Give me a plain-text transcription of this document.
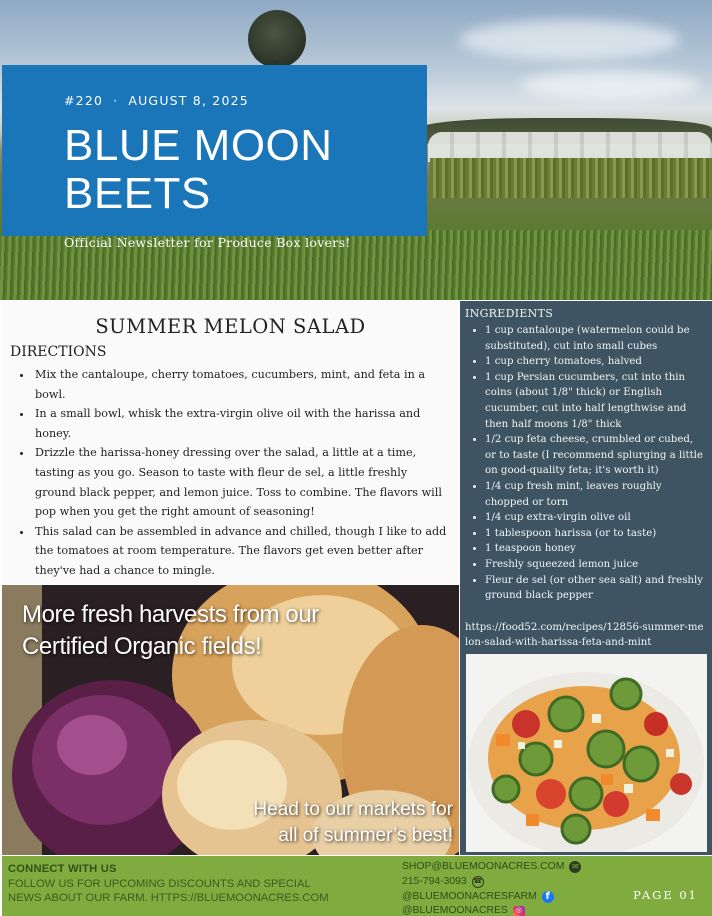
#220 · AUGUST 8, 2025
BLUE MOON BEETS
Official Newsletter for Produce Box lovers!
SUMMER MELON SALAD
DIRECTIONS
• Mix the cantaloupe, cherry tomatoes, cucumbers, mint, and feta in a bowl.
• In a small bowl, whisk the extra-virgin olive oil with the harissa and honey.
• Drizzle the harissa-honey dressing over the salad, a little at a time, tasting as you go. Season to taste with fleur de sel, a little freshly ground black pepper, and lemon juice. Toss to combine. The flavors will pop when you get the right amount of seasoning!
• This salad can be assembled in advance and chilled, though I like to add the tomatoes at room temperature. The flavors get even better after they've had a chance to mingle.
INGREDIENTS
• 1 cup cantaloupe (watermelon could be substituted), cut into small cubes
• 1 cup cherry tomatoes, halved
• 1 cup Persian cucumbers, cut into thin coins (about 1/8" thick) or English cucumber, cut into half lengthwise and then half moons 1/8" thick
• 1/2 cup feta cheese, crumbled or cubed, or to taste (I recommend splurging a little on good-quality feta; it's worth it)
• 1/4 cup fresh mint, leaves roughly chopped or torn
• 1/4 cup extra-virgin olive oil
• 1 tablespoon harissa (or to taste)
• 1 teaspoon honey
• Freshly squeezed lemon juice
• Fleur de sel (or other sea salt) and freshly ground black pepper
https://food52.com/recipes/12856-summer-melon-salad-with-harissa-feta-and-mint
More fresh harvests from our
Certified Organic fields!
Head to our markets for
all of summer’s best!
CONNECT WITH US
FOLLOW US FOR UPCOMING DISCOUNTS AND SPECIAL
NEWS ABOUT OUR FARM. HTTPS://BLUEMOONACRES.COM
SHOP@BLUEMOONACRES.COM ✉
215-794-3093 ☎
@BLUEMOONACRESFARM f
@BLUEMOONACRES	◎
PAGE 01
